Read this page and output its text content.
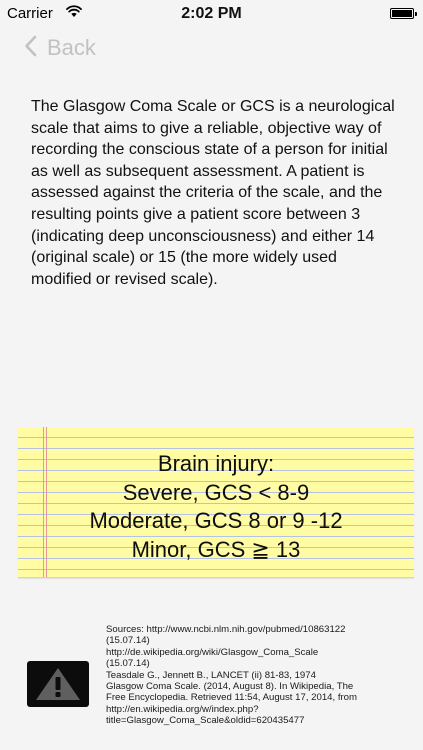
Carrier	2:02 PM
Back

The Glasgow Coma Scale or GCS is a neurological scale that aims to give a reliable, objective way of recording the conscious state of a person for initial as well as subsequent assessment. A patient is assessed against the criteria of the scale, and the resulting points give a patient score between 3 (indicating deep unconsciousness) and either 14 (original scale) or 15 (the more widely used modified or revised scale).

Brain injury:
Severe, GCS < 8-9
Moderate, GCS 8 or 9 -12
Minor, GCS ≧ 13

Sources: http://www.ncbi.nlm.nih.gov/pubmed/10863122
(15.07.14)
http://de.wikipedia.org/wiki/Glasgow_Coma_Scale
(15.07.14)
Teasdale G., Jennett B., LANCET (ii) 81-83, 1974
Glasgow Coma Scale. (2014, August 8). In Wikipedia, The
Free Encyclopedia. Retrieved 11:54, August 17, 2014, from
http://en.wikipedia.org/w/index.php?
title=Glasgow_Coma_Scale&oldid=620435477
